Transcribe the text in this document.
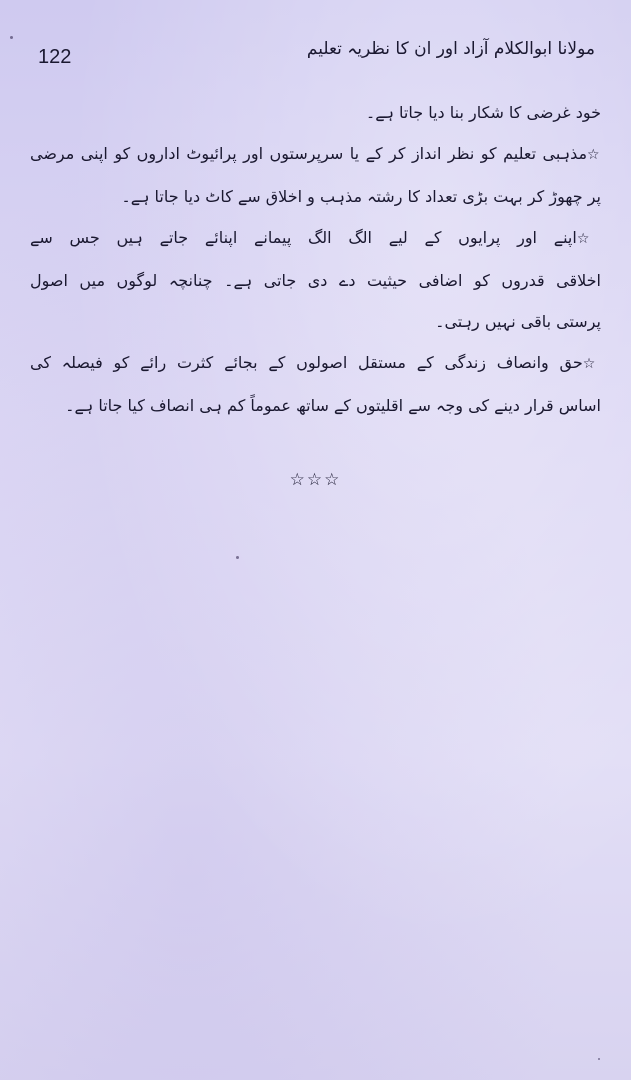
122	مولانا ابوالکلام آزاد اور ان کا نظریہ تعلیم
خود غرضی کا شکار بنا دیا جاتا ہے۔
☆مذہبی تعلیم کو نظر انداز کر کے یا سرپرستوں اور پرائیوٹ اداروں کو اپنی مرضی
پر چھوڑ کر بہت بڑی تعداد کا رشتہ مذہب و اخلاق سے کاٹ دیا جاتا ہے۔
☆اپنے اور پرایوں کے لیے الگ الگ پیمانے اپنائے جاتے ہیں جس سے
اخلاقی قدروں کو اضافی حیثیت دے دی جاتی ہے۔ چنانچہ لوگوں میں اصول
پرستی باقی نہیں رہتی۔
☆حق وانصاف زندگی کے مستقل اصولوں کے بجائے کثرت رائے کو فیصلہ کی
اساس قرار دینے کی وجہ سے اقلیتوں کے ساتھ عموماً کم ہی انصاف کیا جاتا ہے۔
☆☆☆
